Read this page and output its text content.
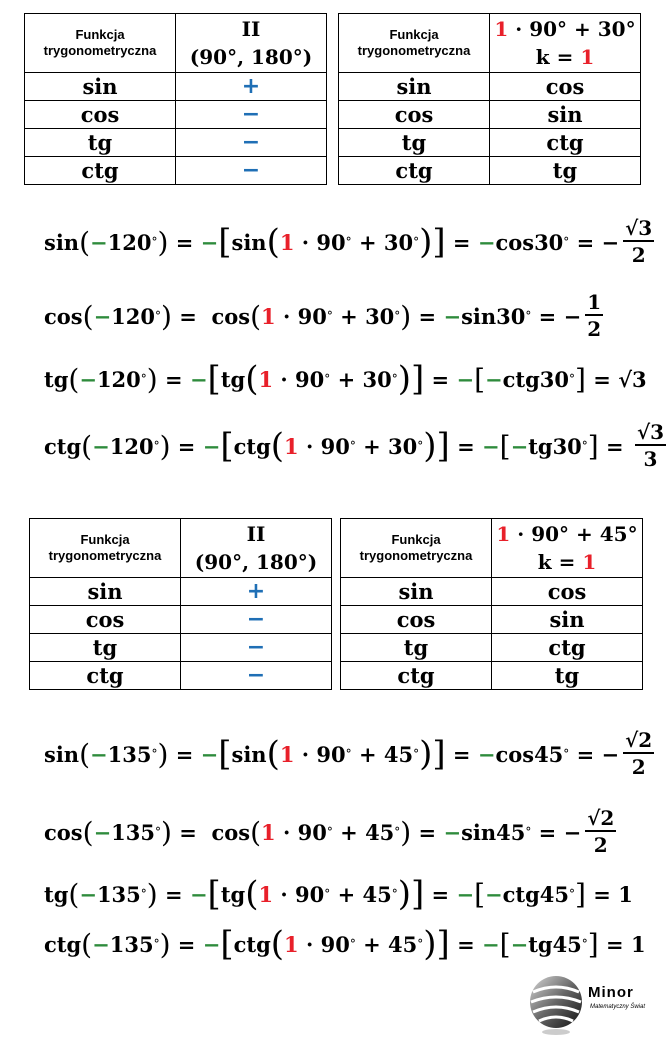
Funkcja trygonometryczna	II
(90°, 180°)
sin	+
cos	−
tg	−
ctg	−
Funkcja trygonometryczna	1 · 90° + 30°
k = 1
sin	cos
cos	sin
tg	ctg
ctg	tg
sin ( − 120 ° ) = − [ sin ( 1 · 90 ° + 30 ° )] = − cos30 ° = − $\frac{√3}{2}$
cos ( − 120 ° ) = cos ( 1 · 90 ° + 30 ° ) = − sin30 ° = − $\frac{1}{2}$
tg ( − 120 ° ) = − [ tg ( 1 · 90 ° + 30 ° )] = − [ − ctg30 ° ] = √3
ctg ( − 120 ° ) = − [ ctg ( 1 · 90 ° + 30 ° )] = − [ − tg30 ° ] = $\frac{√3}{3}$
Funkcja trygonometryczna	II
(90°, 180°)
sin	+
cos	−
tg	−
ctg	−
Funkcja trygonometryczna	1 · 90° + 45°
k = 1
sin	cos
cos	sin
tg	ctg
ctg	tg
sin ( − 135 ° ) = − [ sin ( 1 · 90 ° + 45 ° )] = − cos45 ° = − $\frac{√2}{2}$
cos ( − 135 ° ) = cos ( 1 · 90 ° + 45 ° ) = − sin45 ° = − $\frac{√2}{2}$
tg ( − 135 ° ) = − [ tg ( 1 · 90 ° + 45 ° )] = − [ − ctg45 ° ] = 1
ctg ( − 135 ° ) = − [ ctg ( 1 · 90 ° + 45 ° )] = − [ − tg45 ° ] = 1
Minor
Matematyczny Świat
